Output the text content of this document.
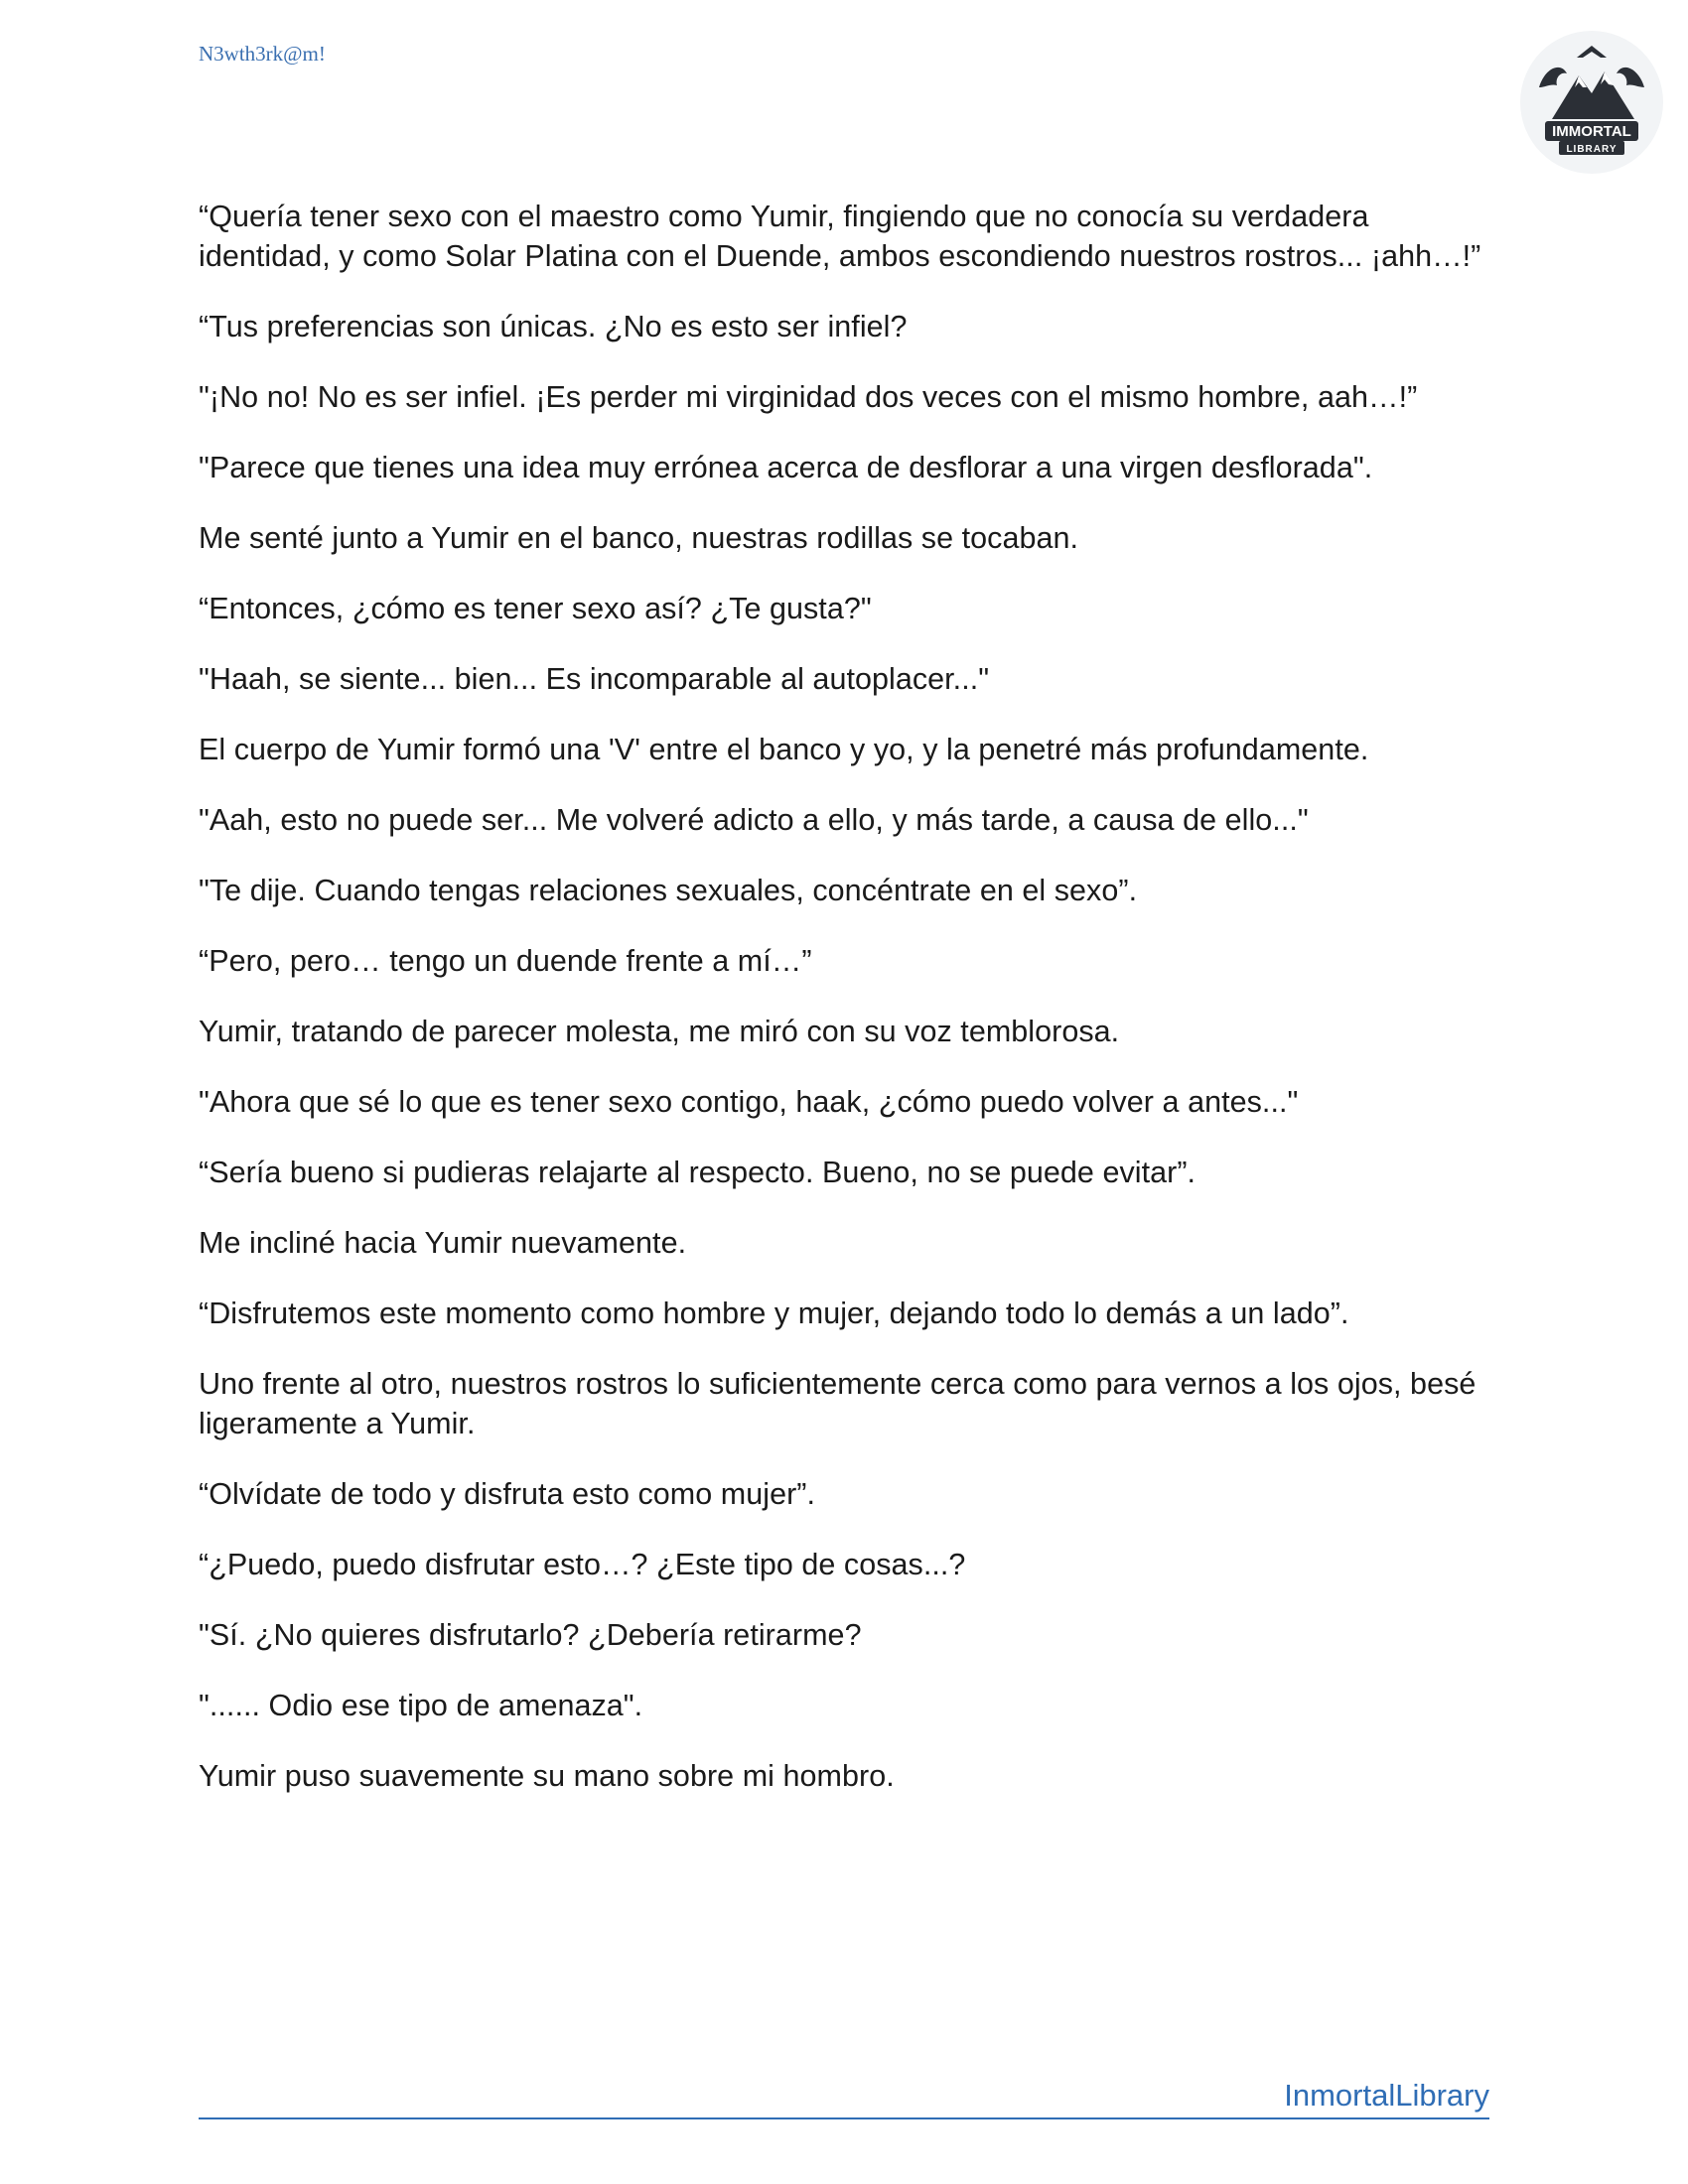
N3wth3rk@m!
IMMORTAL
LIBRARY

“Quería tener sexo con el maestro como Yumir, fingiendo que no conocía su verdadera identidad, y como Solar Platina con el Duende, ambos escondiendo nuestros rostros... ¡ahh…!”

“Tus preferencias son únicas. ¿No es esto ser infiel?

"¡No no! No es ser infiel. ¡Es perder mi virginidad dos veces con el mismo hombre, aah…!”

"Parece que tienes una idea muy errónea acerca de desflorar a una virgen desflorada".

Me senté junto a Yumir en el banco, nuestras rodillas se tocaban.

“Entonces, ¿cómo es tener sexo así? ¿Te gusta?"

"Haah, se siente... bien... Es incomparable al autoplacer..."

El cuerpo de Yumir formó una 'V' entre el banco y yo, y la penetré más profundamente.

"Aah, esto no puede ser... Me volveré adicto a ello, y más tarde, a causa de ello..."

"Te dije. Cuando tengas relaciones sexuales, concéntrate en el sexo”.

“Pero, pero… tengo un duende frente a mí…”

Yumir, tratando de parecer molesta, me miró con su voz temblorosa.

"Ahora que sé lo que es tener sexo contigo, haak, ¿cómo puedo volver a antes..."

“Sería bueno si pudieras relajarte al respecto. Bueno, no se puede evitar”.

Me incliné hacia Yumir nuevamente.

“Disfrutemos este momento como hombre y mujer, dejando todo lo demás a un lado”.

Uno frente al otro, nuestros rostros lo suficientemente cerca como para vernos a los ojos, besé ligeramente a Yumir.

“Olvídate de todo y disfruta esto como mujer”.

“¿Puedo, puedo disfrutar esto…? ¿Este tipo de cosas...?

"Sí. ¿No quieres disfrutarlo? ¿Debería retirarme?

"...... Odio ese tipo de amenaza".

Yumir puso suavemente su mano sobre mi hombro.

InmortalLibrary
